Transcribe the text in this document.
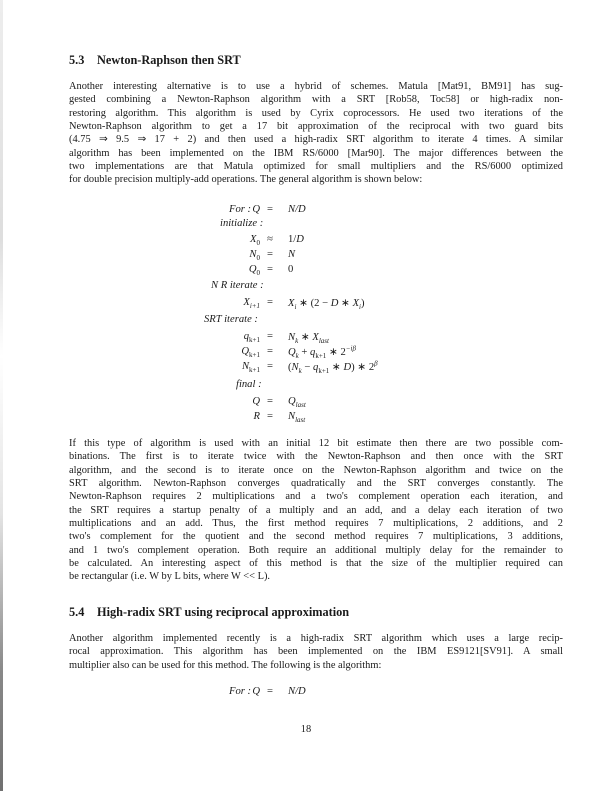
5.3 Newton-Raphson then SRT

Another interesting alternative is to use a hybrid of schemes. Matula [Mat91, BM91] has sug-
gested combining a Newton-Raphson algorithm with a SRT [Rob58, Toc58] or high-radix non-
restoring algorithm. This algorithm is used by Cyrix coprocessors. He used two iterations of the
Newton-Raphson algorithm to get a 17 bit approximation of the reciprocal with two guard bits
(4.75 ⇒ 9.5 ⇒ 17 + 2) and then used a high-radix SRT algorithm to iterate 4 times. A similar
algorithm has been implemented on the IBM RS/6000 [Mar90]. The major differences between the
two implementations are that Matula optimized for small multipliers and the RS/6000 optimized
for double precision multiply-add operations. The general algorithm is shown below:

For : Q =	N/D
initialize :
$X_0$ ≈	1/D
$N_0$ =	N
$Q_0$ =	0
N R iterate :
$X_{i+1}$ =	$X_i$ ∗ (2 − D ∗ $X_i$)
SRT iterate :
$q_{k+1}$ =	$N_k$ ∗ $X_{last}$
$Q_{k+1}$ =	$Q_k + q_{k+1}$ ∗ $2^{-i\beta}$
$N_{k+1}$ =	($N_k - q_{k+1}$ ∗ D) ∗ $2^\beta$
final :
Q =	$Q_{last}$
R =	$N_{last}$

If this type of algorithm is used with an initial 12 bit estimate then there are two possible com-
binations. The first is to iterate twice with the Newton-Raphson and then once with the SRT
algorithm, and the second is to iterate once on the Newton-Raphson algorithm and twice on the
SRT algorithm. Newton-Raphson converges quadratically and the SRT converges constantly. The
Newton-Raphson requires 2 multiplications and a two's complement operation each iteration, and
the SRT requires a startup penalty of a multiply and an add, and a delay each iteration of two
multiplications and an add. Thus, the first method requires 7 multiplications, 2 additions, and 2
two's complement for the quotient and the second method requires 7 multiplications, 3 additions,
and 1 two's complement operation. Both require an additional multiply delay for the remainder to
be calculated. An interesting aspect of this method is that the size of the multiplier required can
be rectangular (i.e. W by L bits, where W << L).

5.4 High-radix SRT using reciprocal approximation

Another algorithm implemented recently is a high-radix SRT algorithm which uses a large recip-
rocal approximation. This algorithm has been implemented on the IBM ES9121[SV91]. A small
multiplier also can be used for this method. The following is the algorithm:

For : Q =	N/D
18
